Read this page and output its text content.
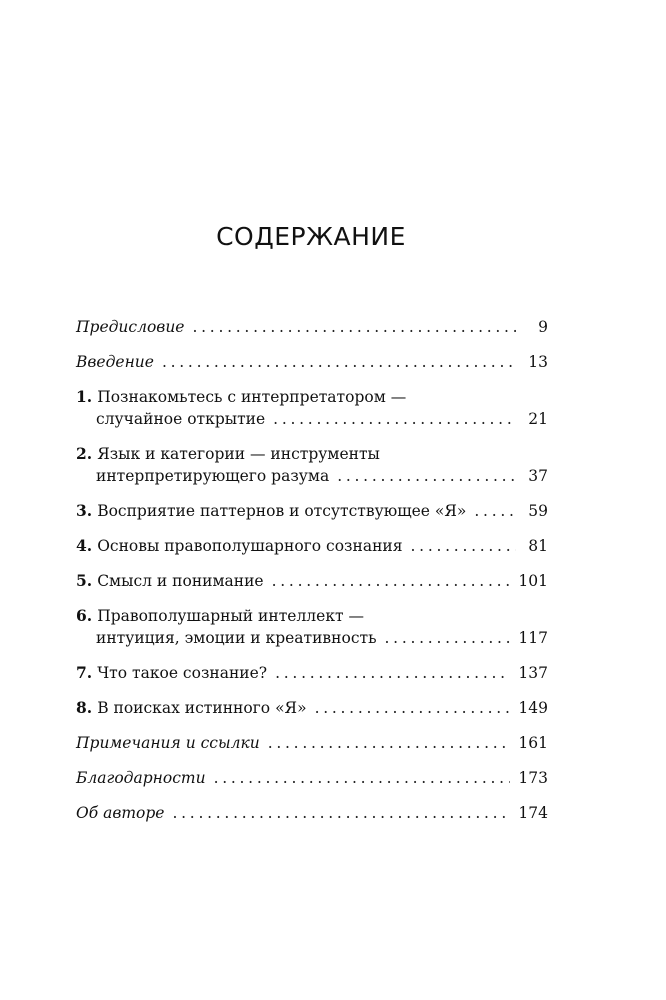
СОДЕРЖАНИЕ
Предисловие . . .	9
Введение . . .	13
1. Познакомьтесь с интерпретатором —
случайное открытие . . .	21
2. Язык и категории — инструменты
интерпретирующего разума . . .	37
3. Восприятие паттернов и отсутствующее «Я» . . .	59
4. Основы правополушарного сознания . . .	81
5. Смысл и понимание . . .	101
6. Правополушарный интеллект —
интуиция, эмоции и креативность . . .	117
7. Что такое сознание? . . .	137
8. В поисках истинного «Я» . . .	149
Примечания и ссылки . . .	161
Благодарности . . .	173
Об авторе . . .	174
